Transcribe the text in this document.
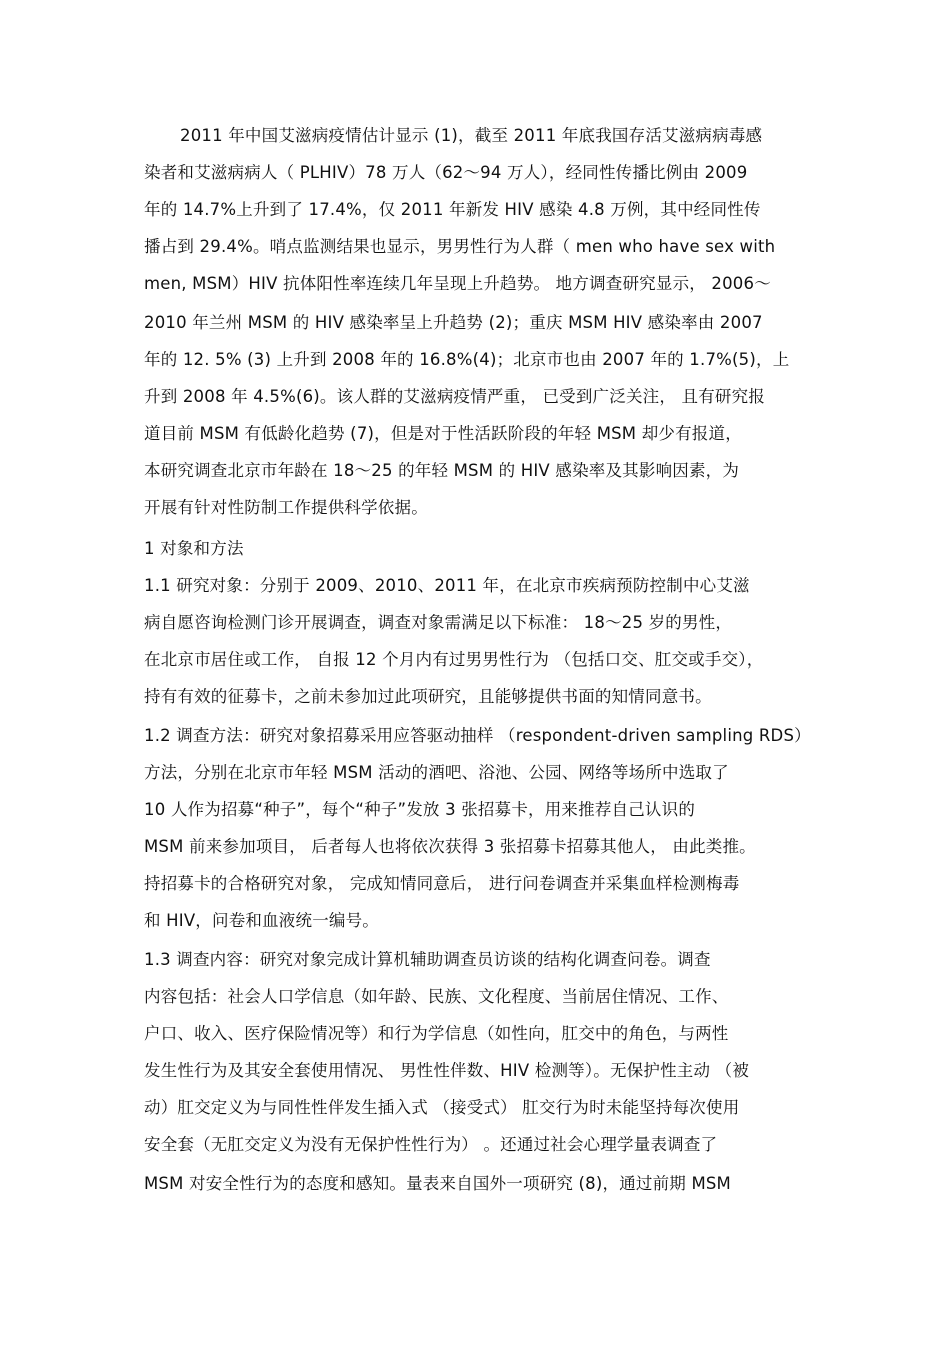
2011 年中国艾滋病疫情估计显示 (1)，截至 2011 年底我国存活艾滋病病毒感
染者和艾滋病病人（ PLHIV）78 万人（62～94 万人），经同性传播比例由 2009
年的 14.7%上升到了 17.4%，仅 2011 年新发 HIV 感染 4.8 万例，其中经同性传
播占到 29.4%。哨点监测结果也显示，男男性行为人群（ men who have sex with
men, MSM）HIV 抗体阳性率连续几年呈现上升趋势。 地方调查研究显示， 2006～
2010 年兰州 MSM 的 HIV 感染率呈上升趋势 (2)；重庆 MSM HIV 感染率由 2007
年的 12. 5% (3) 上升到 2008 年的 16.8%(4)；北京市也由 2007 年的 1.7%(5)，上
升到 2008 年 4.5%(6)。该人群的艾滋病疫情严重， 已受到广泛关注， 且有研究报
道目前 MSM 有低龄化趋势 (7)，但是对于性活跃阶段的年轻 MSM 却少有报道，
本研究调查北京市年龄在 18～25 的年轻 MSM 的 HIV 感染率及其影响因素，为
开展有针对性防制工作提供科学依据。
1 对象和方法
1.1 研究对象：分别于 2009、2010、2011 年，在北京市疾病预防控制中心艾滋
病自愿咨询检测门诊开展调查，调查对象需满足以下标准： 18～25 岁的男性，
在北京市居住或工作， 自报 12 个月内有过男男性行为 （包括口交、肛交或手交），
持有有效的征募卡，之前未参加过此项研究，且能够提供书面的知情同意书。
1.2 调查方法：研究对象招募采用应答驱动抽样 （respondent-driven sampling RDS）
方法，分别在北京市年轻 MSM 活动的酒吧、浴池、公园、网络等场所中选取了
10 人作为招募“种子”，每个“种子”发放 3 张招募卡，用来推荐自己认识的
MSM 前来参加项目， 后者每人也将依次获得 3 张招募卡招募其他人， 由此类推。
持招募卡的合格研究对象， 完成知情同意后， 进行问卷调查并采集血样检测梅毒
和 HIV，问卷和血液统一编号。
1.3 调查内容：研究对象完成计算机辅助调查员访谈的结构化调查问卷。调查
内容包括：社会人口学信息（如年龄、民族、文化程度、当前居住情况、工作、
户口、收入、医疗保险情况等）和行为学信息（如性向，肛交中的角色，与两性
发生性行为及其安全套使用情况、 男性性伴数、HIV 检测等）。无保护性主动 （被
动）肛交定义为与同性性伴发生插入式 （接受式） 肛交行为时未能坚持每次使用
安全套（无肛交定义为没有无保护性性行为） 。还通过社会心理学量表调查了
MSM 对安全性行为的态度和感知。量表来自国外一项研究 (8)，通过前期 MSM
